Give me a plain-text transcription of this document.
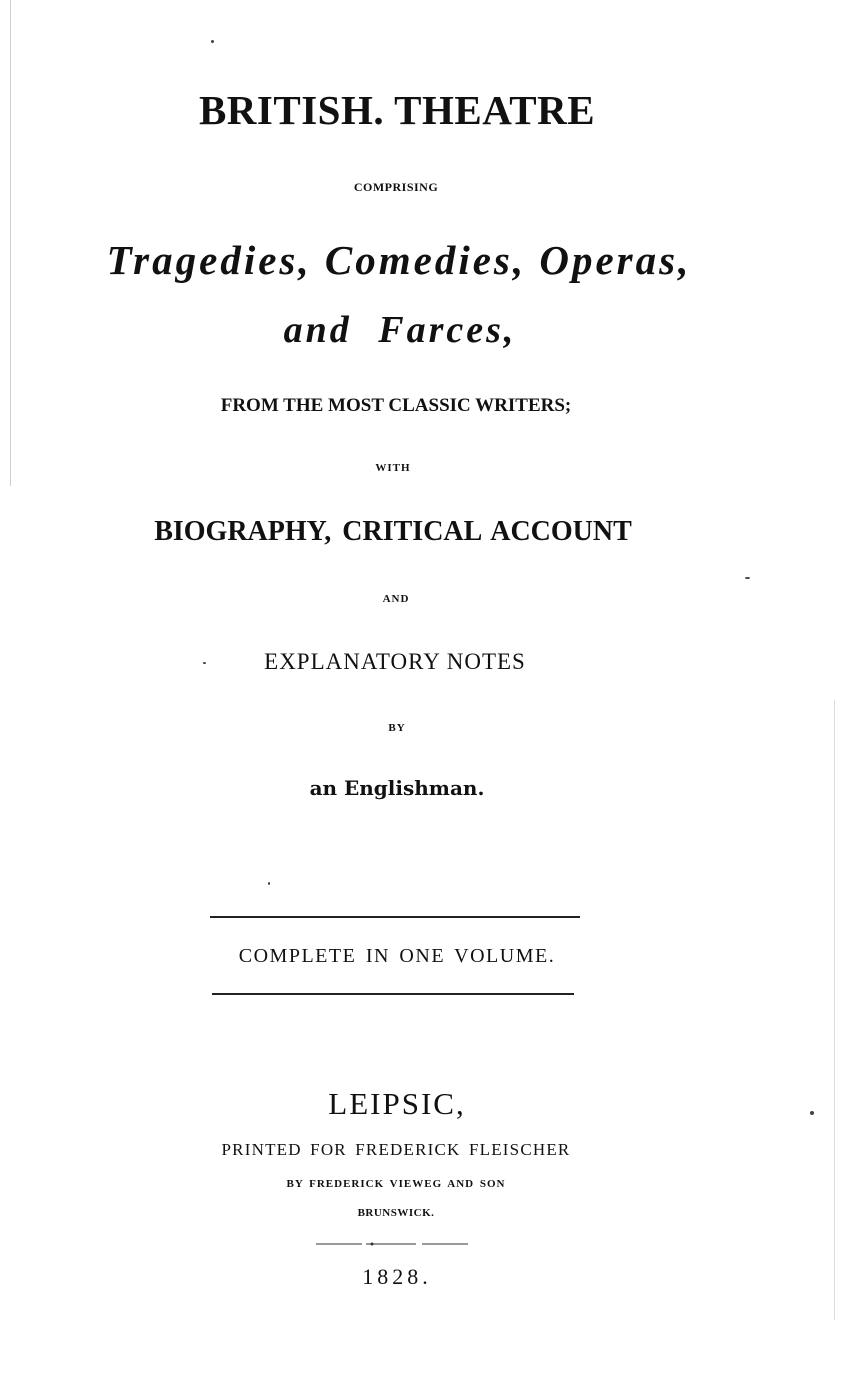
BRITISH. THEATRE
COMPRISING
Tragedies, Comedies, Operas,
and Farces,
FROM THE MOST CLASSIC WRITERS;
WITH
BIOGRAPHY, CRITICAL ACCOUNT
AND
EXPLANATORY NOTES
BY
an Englishman.
COMPLETE IN ONE VOLUME.
LEIPSIC,
PRINTED FOR FREDERICK FLEISCHER
BY FREDERICK VIEWEG AND SON
BRUNSWICK.
1828.
